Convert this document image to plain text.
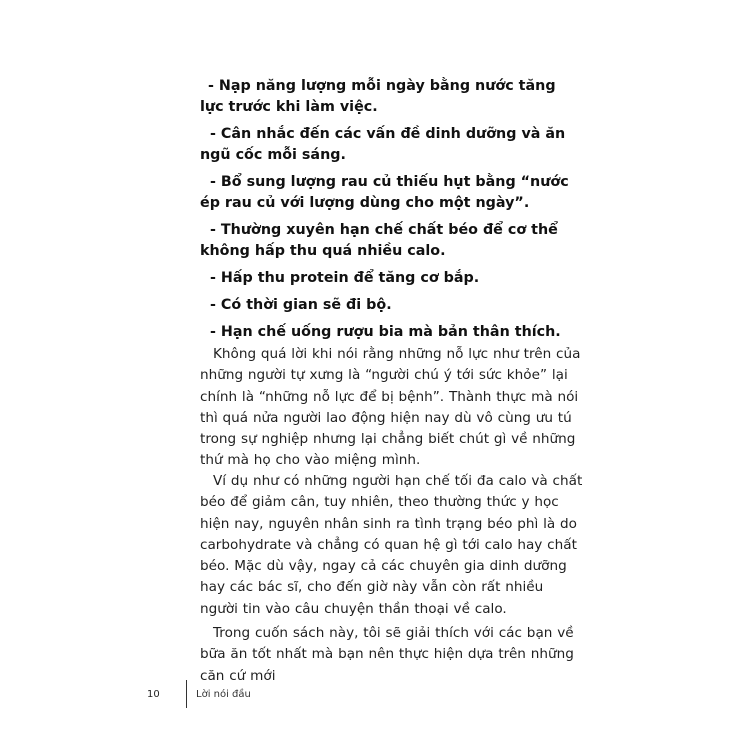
- Nạp năng lượng mỗi ngày bằng nước tăng lực trước khi làm việc.

- Cân nhắc đến các vấn đề dinh dưỡng và ăn ngũ cốc mỗi sáng.

- Bổ sung lượng rau củ thiếu hụt bằng “nước ép rau củ với lượng dùng cho một ngày”.

- Thường xuyên hạn chế chất béo để cơ thể không hấp thu quá nhiều calo.

- Hấp thu protein để tăng cơ bắp.

- Có thời gian sẽ đi bộ.

- Hạn chế uống rượu bia mà bản thân thích.

Không quá lời khi nói rằng những nỗ lực như trên của những người tự xưng là “người chú ý tới sức khỏe” lại chính là “những nỗ lực để bị bệnh”. Thành thực mà nói thì quá nửa người lao động hiện nay dù vô cùng ưu tú trong sự nghiệp nhưng lại chẳng biết chút gì về những thứ mà họ cho vào miệng mình.

Ví dụ như có những người hạn chế tối đa calo và chất béo để giảm cân, tuy nhiên, theo thường thức y học hiện nay, nguyên nhân sinh ra tình trạng béo phì là do carbohydrate và chẳng có quan hệ gì tới calo hay chất béo. Mặc dù vậy, ngay cả các chuyên gia dinh dưỡng hay các bác sĩ, cho đến giờ này vẫn còn rất nhiều người tin vào câu chuyện thần thoại về calo.

Trong cuốn sách này, tôi sẽ giải thích với các bạn về bữa ăn tốt nhất mà bạn nên thực hiện dựa trên những căn cứ mới

10	Lời nói đầu
